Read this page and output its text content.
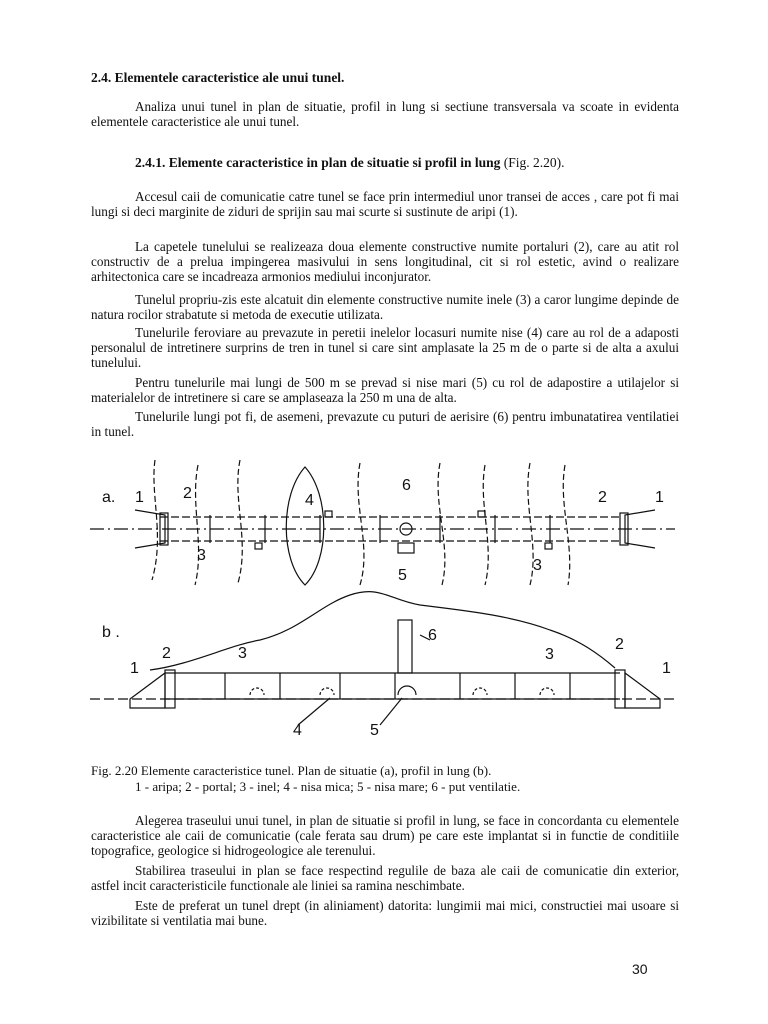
2.4. Elementele caracteristice ale unui tunel.

Analiza unui tunel in plan de situatie, profil in lung si sectiune transversala va scoate in evidenta elementele caracteristice ale unui tunel.

2.4.1. Elemente caracteristice in plan de situatie si profil in lung (Fig. 2.20).

Accesul caii de comunicatie catre tunel se face prin intermediul unor transei de acces , care pot fi mai lungi si deci marginite de ziduri de sprijin sau mai scurte si sustinute de aripi (1).

La capetele tunelului se realizeaza doua elemente constructive numite portaluri (2), care au atit rol constructiv de a prelua impingerea masivului in sens longitudinal, cit si rol estetic, avind o realizare arhitectonica care se incadreaza armonios mediului inconjurator.

Tunelul propriu-zis este alcatuit din elemente constructive numite inele (3) a caror lungime depinde de natura rocilor strabatute si metoda de executie utilizata.

Tunelurile feroviare au prevazute in peretii inelelor locasuri numite nise (4) care au rol de a adaposti personalul de intretinere surprins de tren in tunel si care sint amplasate la 25 m de o parte si de alta a axului tunelului.

Pentru tunelurile mai lungi de 500 m se prevad si nise mari (5) cu rol de adapostire a utilajelor si materialelor de intretinere si care se amplaseaza la 250 m una de alta.

Tunelurile lungi pot fi, de asemeni, prevazute cu puturi de aerisire (6) pentru imbunatatirea ventilatiei in tunel.

a. 1 2
3
4
6
5
3
2	1
b .
2
1
3
6
3
2
1
4	5

Fig. 2.20 Elemente caracteristice tunel. Plan de situatie (a), profil in lung (b).

1 - aripa; 2 - portal; 3 - inel; 4 - nisa mica; 5 - nisa mare; 6 - put ventilatie.

Alegerea traseului unui tunel, in plan de situatie si profil in lung, se face in concordanta cu elementele caracteristice ale caii de comunicatie (cale ferata sau drum) pe care este implantat si in functie de conditiile topografice, geologice si hidrogeologice ale terenului.

Stabilirea traseului in plan se face respectind regulile de baza ale caii de comunicatie din exterior, astfel incit caracteristicile functionale ale liniei sa ramina neschimbate.

Este de preferat un tunel drept (in aliniament) datorita: lungimii mai mici, constructiei mai usoare si vizibilitate si ventilatia mai bune.

30
